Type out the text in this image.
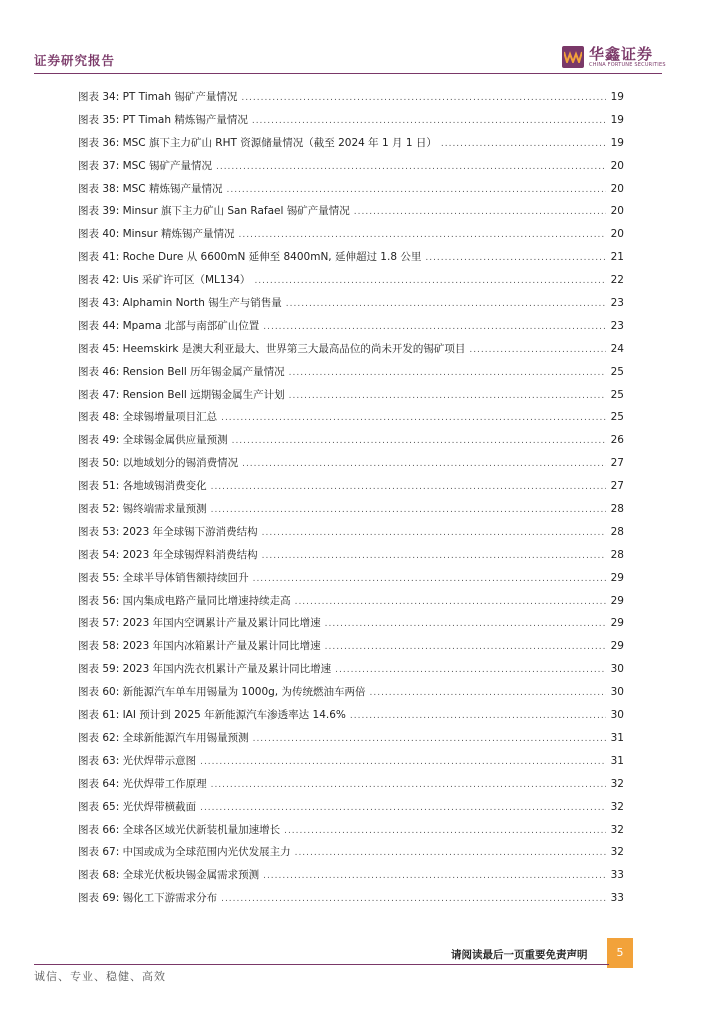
证券研究报告	华鑫证券
CHINA FORTUNE SECURITIES
图表 34: PT Timah 锡矿产量情况 .....	19
图表 35: PT Timah 精炼锡产量情况 .....	19
图表 36: MSC 旗下主力矿山 RHT 资源储量情况（截至 2024 年 1 月 1 日） .....	19
图表 37: MSC 锡矿产量情况 .....	20
图表 38: MSC 精炼锡产量情况 .....	20
图表 39: Minsur 旗下主力矿山 San Rafael 锡矿产量情况 .....	20
图表 40: Minsur 精炼锡产量情况 .....	20
图表 41: Roche Dure 从 6600mN 延伸至 8400mN, 延伸超过 1.8 公里 .....	21
图表 42: Uis 采矿许可区（ML134） .....	22
图表 43: Alphamin North 锡生产与销售量 .....	23
图表 44: Mpama 北部与南部矿山位置 .....	23
图表 45: Heemskirk 是澳大利亚最大、世界第三大最高品位的尚未开发的锡矿项目 .....	24
图表 46: Rension Bell 历年锡金属产量情况 .....	25
图表 47: Rension Bell 远期锡金属生产计划 .....	25
图表 48: 全球锡增量项目汇总 .....	25
图表 49: 全球锡金属供应量预测 .....	26
图表 50: 以地域划分的锡消费情况 .....	27
图表 51: 各地域锡消费变化 .....	27
图表 52: 锡终端需求量预测 .....	28
图表 53: 2023 年全球锡下游消费结构 .....	28
图表 54: 2023 年全球锡焊料消费结构 .....	28
图表 55: 全球半导体销售额持续回升 .....	29
图表 56: 国内集成电路产量同比增速持续走高 .....	29
图表 57: 2023 年国内空调累计产量及累计同比增速 .....	29
图表 58: 2023 年国内冰箱累计产量及累计同比增速 .....	29
图表 59: 2023 年国内洗衣机累计产量及累计同比增速 .....	30
图表 60: 新能源汽车单车用锡量为 1000g, 为传统燃油车两倍 .....	30
图表 61: IAI 预计到 2025 年新能源汽车渗透率达 14.6% .....	30
图表 62: 全球新能源汽车用锡量预测 .....	31
图表 63: 光伏焊带示意图 .....	31
图表 64: 光伏焊带工作原理 .....	32
图表 65: 光伏焊带横截面 .....	32
图表 66: 全球各区域光伏新装机量加速增长 .....	32
图表 67: 中国或成为全球范围内光伏发展主力 .....	32
图表 68: 全球光伏板块锡金属需求预测 .....	33
图表 69: 锡化工下游需求分布 .....	33
请阅读最后一页重要免责声明	5
诚信、专业、稳健、高效
